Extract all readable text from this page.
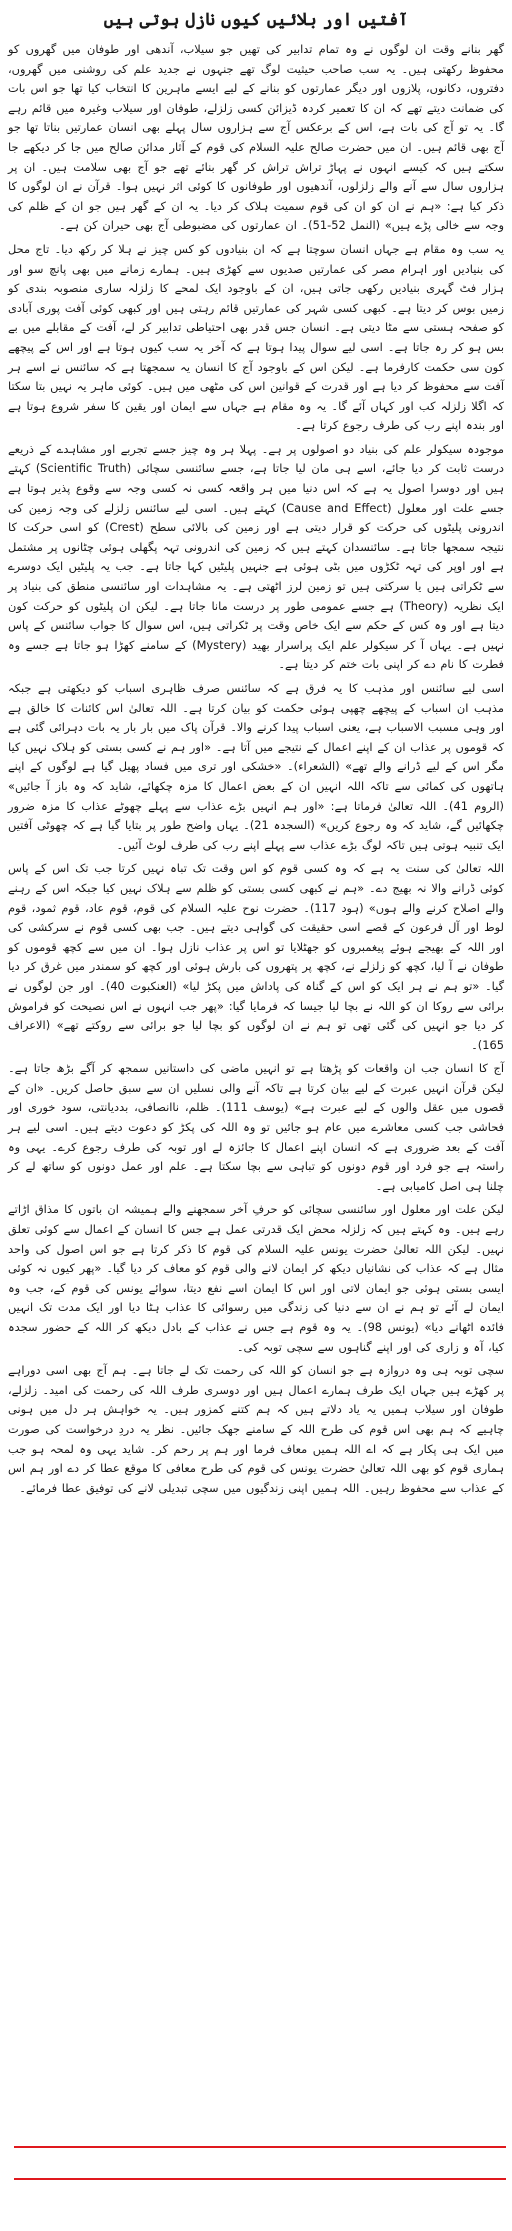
آفتیں اور بلائیں کیوں نازل ہوتی ہیں

گھر بنانے وقت ان لوگوں نے وہ تمام تدابیر کی تھیں جو سیلاب، آندھی اور طوفان میں گھروں کو محفوظ رکھتی ہیں۔ یہ سب صاحب حیثیت لوگ تھے جنہوں نے جدید علم کی روشنی میں گھروں، دفتروں، دکانوں، پلازوں اور دیگر عمارتوں کو بنانے کے لیے ایسے ماہرین کا انتخاب کیا تھا جو اس بات کی ضمانت دیتے تھے کہ ان کا تعمیر کردہ ڈیزائن کسی زلزلے، طوفان اور سیلاب وغیرہ میں قائم رہے گا۔ یہ تو آج کی بات ہے، اس کے برعکس آج سے ہزاروں سال پہلے بھی انسان عمارتیں بناتا تھا جو آج بھی قائم ہیں۔ ان میں حضرت صالح علیہ السلام کی قوم کے آثار مدائن صالح میں جا کر دیکھے جا سکتے ہیں کہ کیسے انہوں نے پہاڑ تراش تراش کر گھر بنائے تھے جو آج بھی سلامت ہیں۔ ان پر ہزاروں سال سے آنے والے زلزلوں، آندھیوں اور طوفانوں کا کوئی اثر نہیں ہوا۔ قرآن نے ان لوگوں کا ذکر کیا ہے: «ہم نے ان کو ان کی قوم سمیت ہلاک کر دیا۔ یہ ان کے گھر ہیں جو ان کے ظلم کی وجہ سے خالی پڑے ہیں» (النمل 52-51)۔ ان عمارتوں کی مضبوطی آج بھی حیران کن ہے۔

یہ سب وہ مقام ہے جہاں انسان سوچتا ہے کہ ان بنیادوں کو کس چیز نے ہلا کر رکھ دیا۔ تاج محل کی بنیادیں اور اہرام مصر کی عمارتیں صدیوں سے کھڑی ہیں۔ ہمارے زمانے میں بھی پانچ سو اور ہزار فٹ گہری بنیادیں رکھی جاتی ہیں، ان کے باوجود ایک لمحے کا زلزلہ ساری منصوبہ بندی کو زمیں بوس کر دیتا ہے۔ کبھی کسی شہر کی عمارتیں قائم رہتی ہیں اور کبھی کوئی آفت پوری آبادی کو صفحہ ہستی سے مٹا دیتی ہے۔ انسان جس قدر بھی احتیاطی تدابیر کر لے، آفت کے مقابلے میں بے بس ہو کر رہ جاتا ہے۔ اسی لیے سوال پیدا ہوتا ہے کہ آخر یہ سب کیوں ہوتا ہے اور اس کے پیچھے کون سی حکمت کارفرما ہے۔ لیکن اس کے باوجود آج کا انسان یہ سمجھتا ہے کہ سائنس نے اسے ہر آفت سے محفوظ کر دیا ہے اور قدرت کے قوانین اس کی مٹھی میں ہیں۔ کوئی ماہر یہ نہیں بتا سکتا کہ اگلا زلزلہ کب اور کہاں آئے گا۔ یہ وہ مقام ہے جہاں سے ایمان اور یقین کا سفر شروع ہوتا ہے اور بندہ اپنے رب کی طرف رجوع کرتا ہے۔

موجودہ سیکولر علم کی بنیاد دو اصولوں پر ہے۔ پہلا ہر وہ چیز جسے تجربے اور مشاہدے کے ذریعے درست ثابت کر دیا جائے، اسے ہی مان لیا جاتا ہے، جسے سائنسی سچائی (Scientific Truth) کہتے ہیں اور دوسرا اصول یہ ہے کہ اس دنیا میں ہر واقعہ کسی نہ کسی وجہ سے وقوع پذیر ہوتا ہے جسے علت اور معلول (Cause and Effect) کہتے ہیں۔ اسی لیے سائنس زلزلے کی وجہ زمین کی اندرونی پلیٹوں کی حرکت کو قرار دیتی ہے اور زمین کی بالائی سطح (Crest) کو اسی حرکت کا نتیجہ سمجھا جاتا ہے۔ سائنسدان کہتے ہیں کہ زمین کی اندرونی تہہ پگھلی ہوئی چٹانوں پر مشتمل ہے اور اوپر کی تہہ ٹکڑوں میں بٹی ہوئی ہے جنہیں پلیٹیں کہا جاتا ہے۔ جب یہ پلیٹیں ایک دوسرے سے ٹکراتی ہیں یا سرکتی ہیں تو زمین لرز اٹھتی ہے۔ یہ مشاہدات اور سائنسی منطق کی بنیاد پر ایک نظریہ (Theory) ہے جسے عمومی طور پر درست مانا جاتا ہے۔ لیکن ان پلیٹوں کو حرکت کون دیتا ہے اور وہ کس کے حکم سے ایک خاص وقت پر ٹکراتی ہیں، اس سوال کا جواب سائنس کے پاس نہیں ہے۔ یہاں آ کر سیکولر علم ایک پراسرار بھید (Mystery) کے سامنے کھڑا ہو جاتا ہے جسے وہ فطرت کا نام دے کر اپنی بات ختم کر دیتا ہے۔

اسی لیے سائنس اور مذہب کا یہ فرق ہے کہ سائنس صرف ظاہری اسباب کو دیکھتی ہے جبکہ مذہب ان اسباب کے پیچھے چھپی ہوئی حکمت کو بیان کرتا ہے۔ اللہ تعالیٰ اس کائنات کا خالق ہے اور وہی مسبب الاسباب ہے، یعنی اسباب پیدا کرنے والا۔ قرآن پاک میں بار بار یہ بات دہرائی گئی ہے کہ قوموں پر عذاب ان کے اپنے اعمال کے نتیجے میں آتا ہے۔ «اور ہم نے کسی بستی کو ہلاک نہیں کیا مگر اس کے لیے ڈرانے والے تھے» (الشعراء)۔ «خشکی اور تری میں فساد پھیل گیا ہے لوگوں کے اپنے ہاتھوں کی کمائی سے تاکہ اللہ انہیں ان کے بعض اعمال کا مزہ چکھائے، شاید کہ وہ باز آ جائیں» (الروم 41)۔ اللہ تعالیٰ فرماتا ہے: «اور ہم انہیں بڑے عذاب سے پہلے چھوٹے عذاب کا مزہ ضرور چکھائیں گے، شاید کہ وہ رجوع کریں» (السجدہ 21)۔ یہاں واضح طور پر بتایا گیا ہے کہ چھوٹی آفتیں ایک تنبیہ ہوتی ہیں تاکہ لوگ بڑے عذاب سے پہلے اپنے رب کی طرف لوٹ آئیں۔

اللہ تعالیٰ کی سنت یہ ہے کہ وہ کسی قوم کو اس وقت تک تباہ نہیں کرتا جب تک اس کے پاس کوئی ڈرانے والا نہ بھیج دے۔ «ہم نے کبھی کسی بستی کو ظلم سے ہلاک نہیں کیا جبکہ اس کے رہنے والے اصلاح کرنے والے ہوں» (ہود 117)۔ حضرت نوح علیہ السلام کی قوم، قوم عاد، قوم ثمود، قوم لوط اور آل فرعون کے قصے اسی حقیقت کی گواہی دیتے ہیں۔ جب بھی کسی قوم نے سرکشی کی اور اللہ کے بھیجے ہوئے پیغمبروں کو جھٹلایا تو اس پر عذاب نازل ہوا۔ ان میں سے کچھ قوموں کو طوفان نے آ لیا، کچھ کو زلزلے نے، کچھ پر پتھروں کی بارش ہوئی اور کچھ کو سمندر میں غرق کر دیا گیا۔ «تو ہم نے ہر ایک کو اس کے گناہ کی پاداش میں پکڑ لیا» (العنکبوت 40)۔ اور جن لوگوں نے برائی سے روکا ان کو اللہ نے بچا لیا جیسا کہ فرمایا گیا: «پھر جب انہوں نے اس نصیحت کو فراموش کر دیا جو انہیں کی گئی تھی تو ہم نے ان لوگوں کو بچا لیا جو برائی سے روکتے تھے» (الاعراف 165)۔

آج کا انسان جب ان واقعات کو پڑھتا ہے تو انہیں ماضی کی داستانیں سمجھ کر آگے بڑھ جاتا ہے۔ لیکن قرآن انہیں عبرت کے لیے بیان کرتا ہے تاکہ آنے والی نسلیں ان سے سبق حاصل کریں۔ «ان کے قصوں میں عقل والوں کے لیے عبرت ہے» (یوسف 111)۔ ظلم، ناانصافی، بددیانتی، سود خوری اور فحاشی جب کسی معاشرے میں عام ہو جائیں تو وہ اللہ کی پکڑ کو دعوت دیتے ہیں۔ اسی لیے ہر آفت کے بعد ضروری ہے کہ انسان اپنے اعمال کا جائزہ لے اور توبہ کی طرف رجوع کرے۔ یہی وہ راستہ ہے جو فرد اور قوم دونوں کو تباہی سے بچا سکتا ہے۔ علم اور عمل دونوں کو ساتھ لے کر چلنا ہی اصل کامیابی ہے۔

لیکن علت اور معلول اور سائنسی سچائی کو حرفِ آخر سمجھنے والے ہمیشہ ان باتوں کا مذاق اڑاتے رہے ہیں۔ وہ کہتے ہیں کہ زلزلہ محض ایک قدرتی عمل ہے جس کا انسان کے اعمال سے کوئی تعلق نہیں۔ لیکن اللہ تعالیٰ حضرت یونس علیہ السلام کی قوم کا ذکر کرتا ہے جو اس اصول کی واحد مثال ہے کہ عذاب کی نشانیاں دیکھ کر ایمان لانے والی قوم کو معاف کر دیا گیا۔ «پھر کیوں نہ کوئی ایسی بستی ہوئی جو ایمان لاتی اور اس کا ایمان اسے نفع دیتا، سوائے یونس کی قوم کے، جب وہ ایمان لے آئے تو ہم نے ان سے دنیا کی زندگی میں رسوائی کا عذاب ہٹا دیا اور ایک مدت تک انہیں فائدہ اٹھانے دیا» (یونس 98)۔ یہ وہ قوم ہے جس نے عذاب کے بادل دیکھ کر اللہ کے حضور سجدہ کیا، آہ و زاری کی اور اپنے گناہوں سے سچی توبہ کی۔

سچی توبہ ہی وہ دروازہ ہے جو انسان کو اللہ کی رحمت تک لے جاتا ہے۔ ہم آج بھی اسی دوراہے پر کھڑے ہیں جہاں ایک طرف ہمارے اعمال ہیں اور دوسری طرف اللہ کی رحمت کی امید۔ زلزلے، طوفان اور سیلاب ہمیں یہ یاد دلاتے ہیں کہ ہم کتنے کمزور ہیں۔ یہ خواہش ہر دل میں ہونی چاہیے کہ ہم بھی اس قوم کی طرح اللہ کے سامنے جھک جائیں۔ نظر یہ دردِ درخواست کی صورت میں ایک ہی پکار ہے کہ اے اللہ ہمیں معاف فرما اور ہم پر رحم کر۔ شاید یہی وہ لمحہ ہو جب ہماری قوم کو بھی اللہ تعالیٰ حضرت یونس کی قوم کی طرح معافی کا موقع عطا کر دے اور ہم اس کے عذاب سے محفوظ رہیں۔ اللہ ہمیں اپنی زندگیوں میں سچی تبدیلی لانے کی توفیق عطا فرمائے۔
